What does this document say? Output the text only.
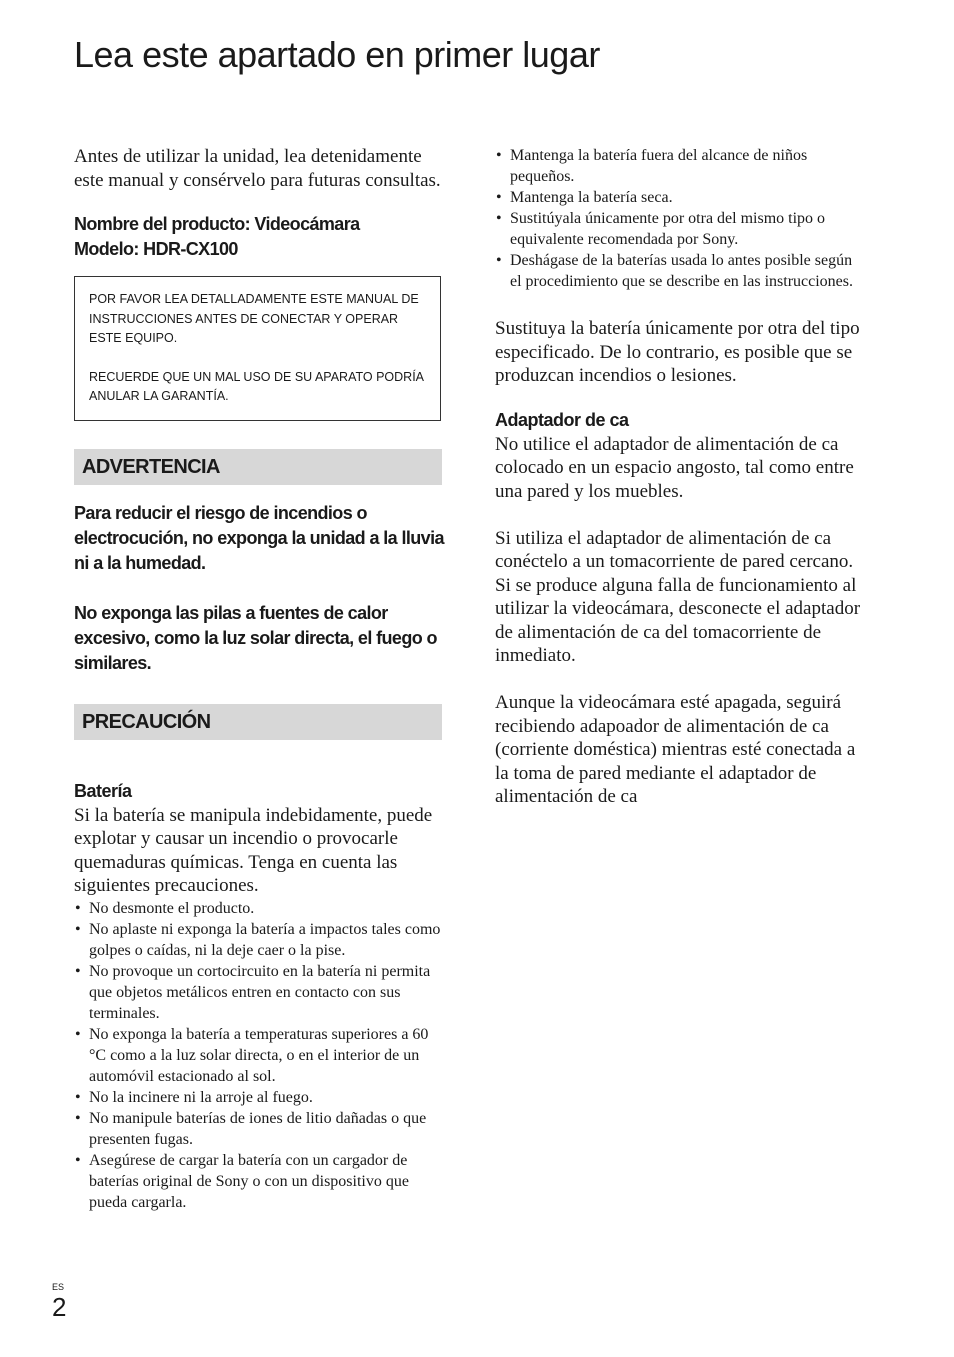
Lea este apartado en primer lugar

Antes de utilizar la unidad, lea detenidamente este manual y consérvelo para futuras consultas.

Nombre del producto: Videocámara

Modelo: HDR-CX100

POR FAVOR LEA DETALLADAMENTE ESTE MANUAL DE INSTRUCCIONES ANTES DE CONECTAR Y OPERAR ESTE EQUIPO.

RECUERDE QUE UN MAL USO DE SU APARATO PODRÍA ANULAR LA GARANTÍA.

ADVERTENCIA

Para reducir el riesgo de incendios o electrocución, no exponga la unidad a la lluvia ni a la humedad.

No exponga las pilas a fuentes de calor excesivo, como la luz solar directa, el fuego o similares.

PRECAUCIÓN

Batería

Si la batería se manipula indebidamente, puede explotar y causar un incendio o provocarle quemaduras químicas. Tenga en cuenta las siguientes precauciones.

• No desmonte el producto.
• No aplaste ni exponga la batería a impactos tales como golpes o caídas, ni la deje caer o la pise.
• No provoque un cortocircuito en la batería ni permita que objetos metálicos entren en contacto con sus terminales.
• No exponga la batería a temperaturas superiores a 60 °C como a la luz solar directa, o en el interior de un automóvil estacionado al sol.
• No la incinere ni la arroje al fuego.
• No manipule baterías de iones de litio dañadas o que presenten fugas.
• Asegúrese de cargar la batería con un cargador de baterías original de Sony o con un dispositivo que pueda cargarla.
• Mantenga la batería fuera del alcance de niños pequeños.
• Mantenga la batería seca.
• Sustitúyala únicamente por otra del mismo tipo o equivalente recomendada por Sony.
• Deshágase de la baterías usada lo antes posible según el procedimiento que se describe en las instrucciones.

Sustituya la batería únicamente por otra del tipo especificado. De lo contrario, es posible que se produzcan incendios o lesiones.

Adaptador de ca

No utilice el adaptador de alimentación de ca colocado en un espacio angosto, tal como entre una pared y los muebles.

Si utiliza el adaptador de alimentación de ca conéctelo a un tomacorriente de pared cercano. Si se produce alguna falla de funcionamiento al utilizar la videocámara, desconecte el adaptador de alimentación de ca del tomacorriente de inmediato.

Aunque la videocámara esté apagada, seguirá recibiendo adapoador de alimentación de ca (corriente doméstica) mientras esté conectada a la toma de pared mediante el adaptador de alimentación de ca

ES
2
